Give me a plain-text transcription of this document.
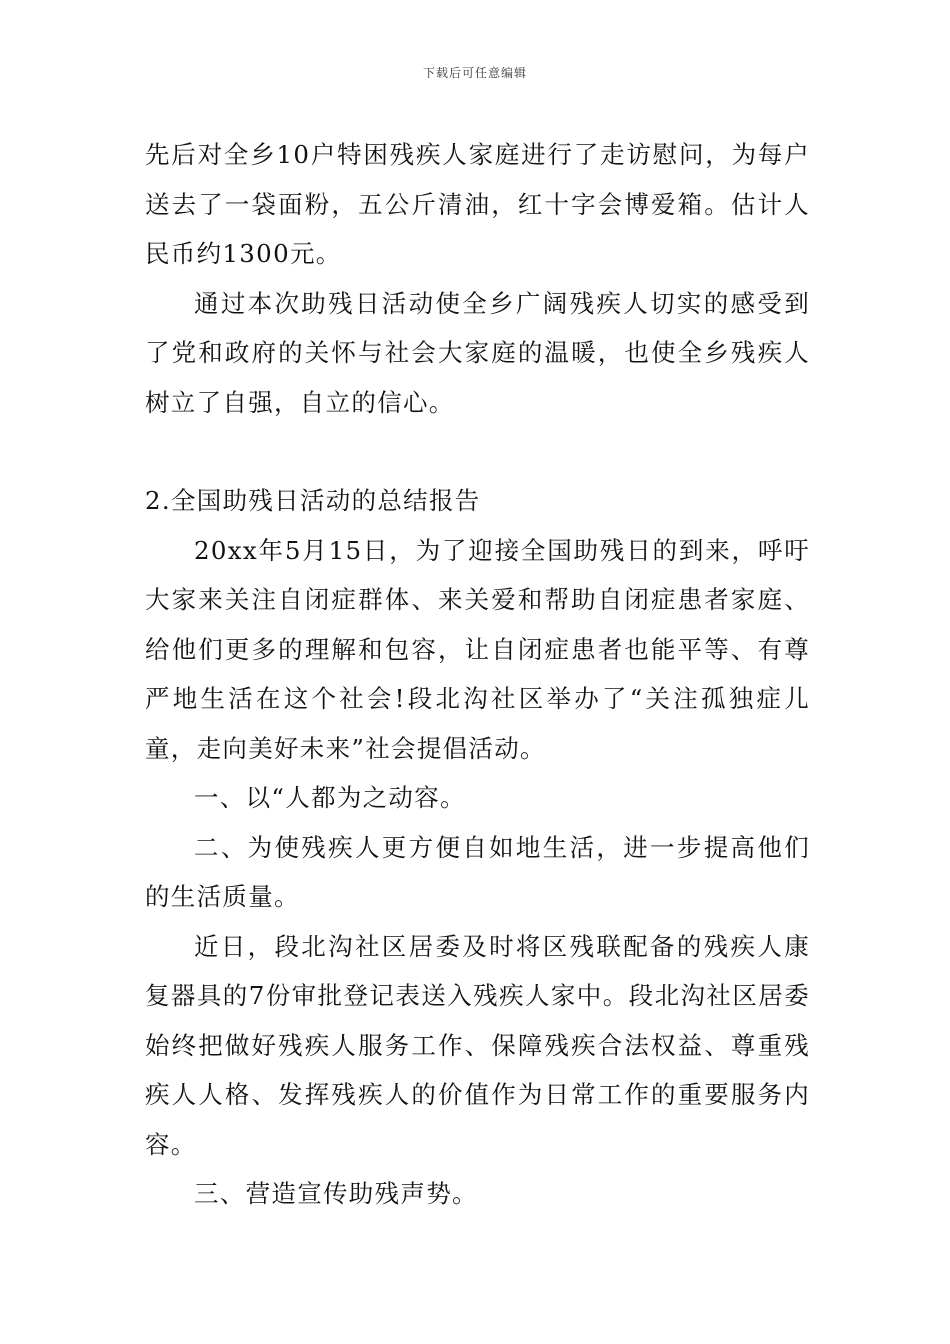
下载后可任意编辑

先后对全乡10户特困残疾人家庭进行了走访慰问，为每户送去了一袋面粉，五公斤清油，红十字会博爱箱。估计人民币约1300元。

通过本次助残日活动使全乡广阔残疾人切实的感受到了党和政府的关怀与社会大家庭的温暖，也使全乡残疾人树立了自强，自立的信心。

2.全国助残日活动的总结报告

20xx年5月15日，为了迎接全国助残日的到来，呼吁大家来关注自闭症群体、来关爱和帮助自闭症患者家庭、给他们更多的理解和包容，让自闭症患者也能平等、有尊严地生活在这个社会!段北沟社区举办了“关注孤独症儿童，走向美好未来”社会提倡活动。

一、以“人都为之动容。

二、为使残疾人更方便自如地生活，进一步提高他们的生活质量。

近日，段北沟社区居委及时将区残联配备的残疾人康复器具的7份审批登记表送入残疾人家中。段北沟社区居委始终把做好残疾人服务工作、保障残疾合法权益、尊重残疾人人格、发挥残疾人的价值作为日常工作的重要服务内容。

三、营造宣传助残声势。
